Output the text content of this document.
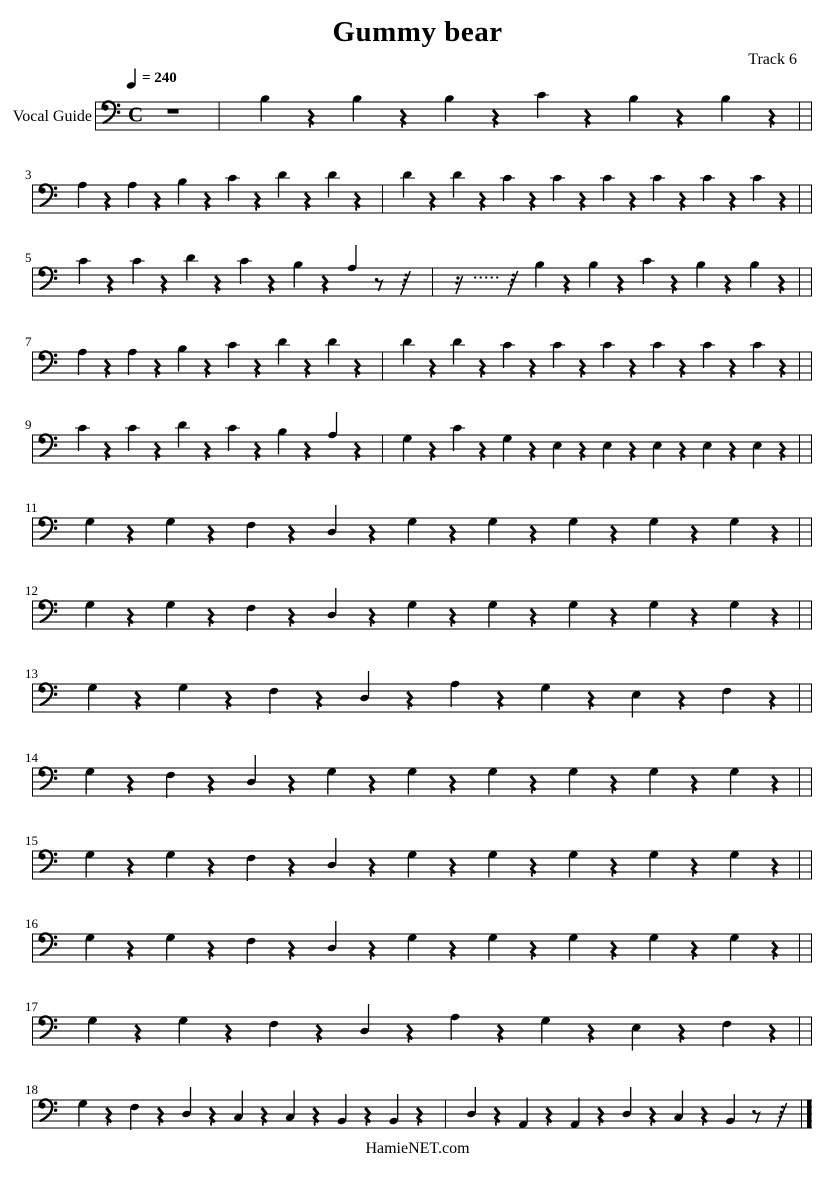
Gummy bear
Track 6
= 240
Vocal Guide C
3
5
7
9
11
12
13
14
15
16
17
18
HamieNET.com
